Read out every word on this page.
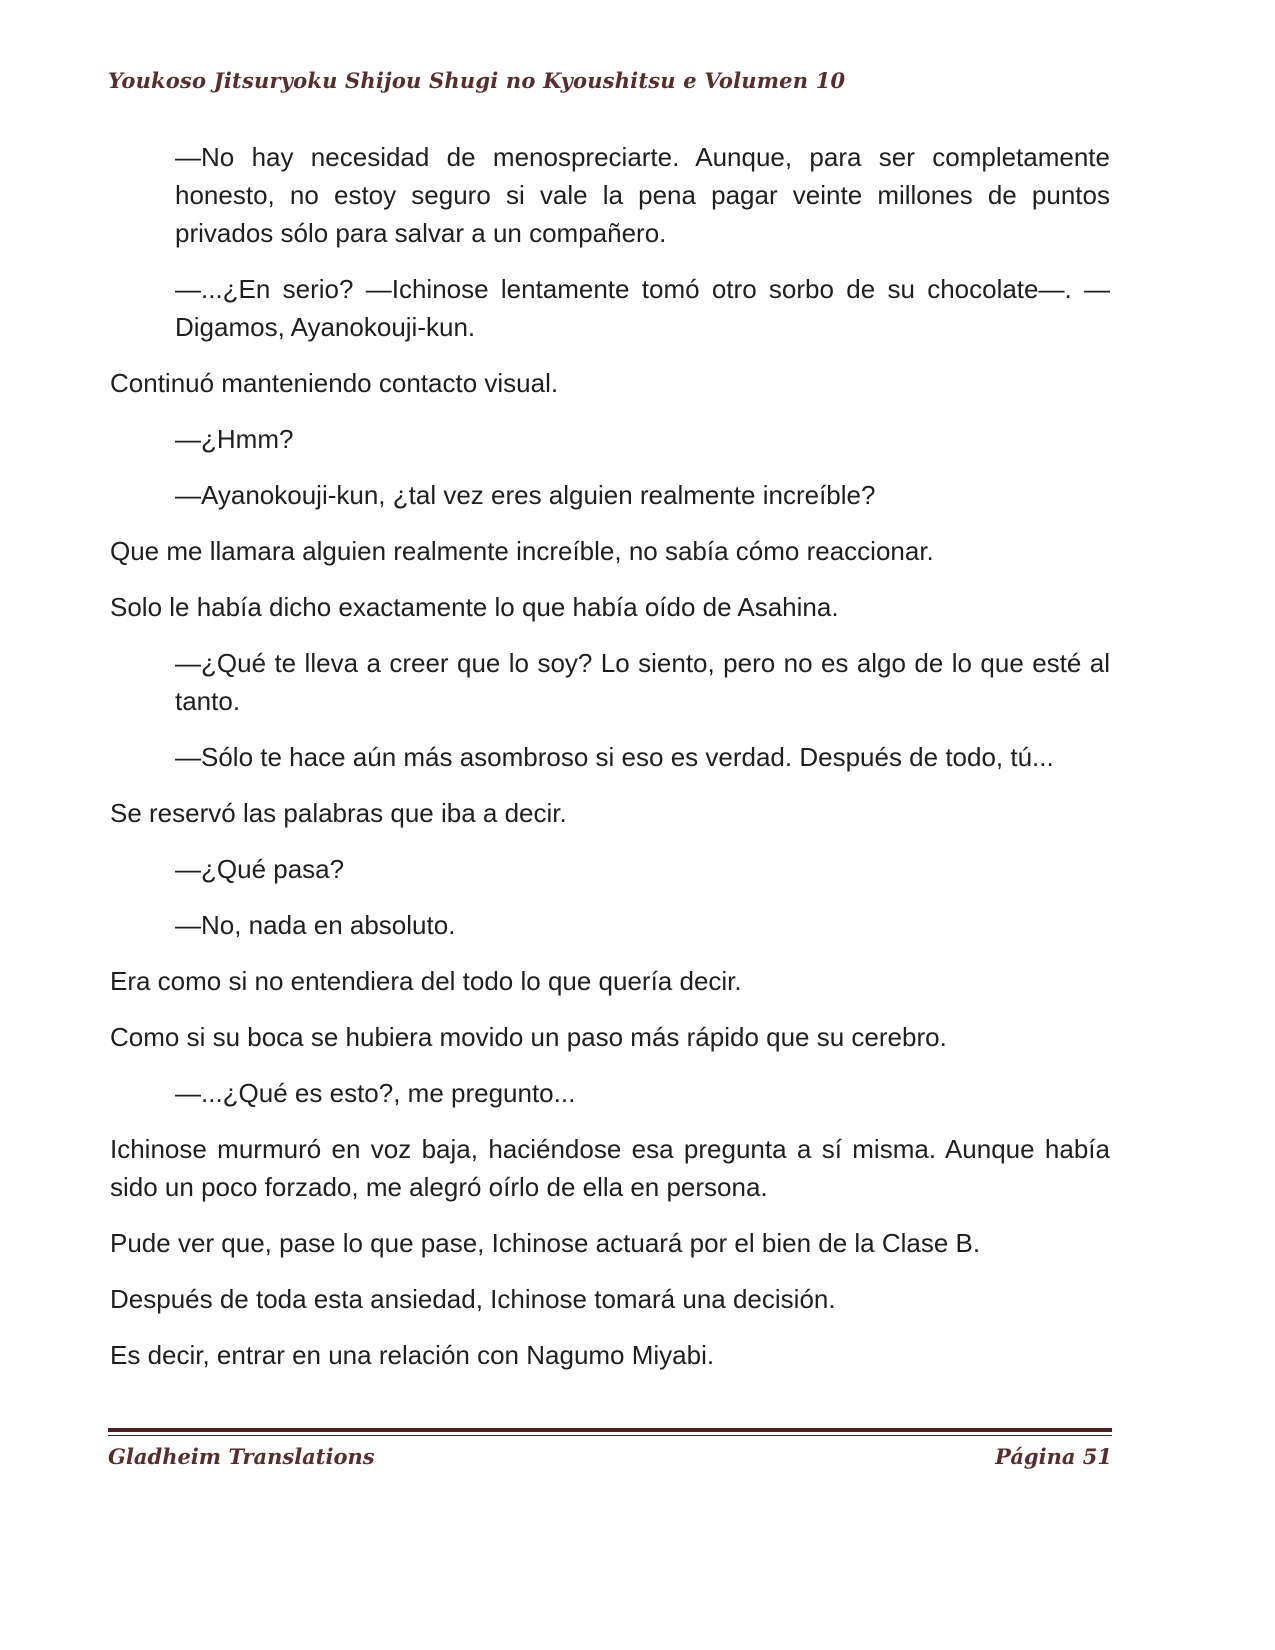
Youkoso Jitsuryoku Shijou Shugi no Kyoushitsu e Volumen 10

—No hay necesidad de menospreciarte. Aunque, para ser completamente honesto, no estoy seguro si vale la pena pagar veinte millones de puntos privados sólo para salvar a un compañero.

—...¿En serio? —Ichinose lentamente tomó otro sorbo de su chocolate—. —Digamos, Ayanokouji-kun.

Continuó manteniendo contacto visual.

—¿Hmm?

—Ayanokouji-kun, ¿tal vez eres alguien realmente increíble?

Que me llamara alguien realmente increíble, no sabía cómo reaccionar.

Solo le había dicho exactamente lo que había oído de Asahina.

—¿Qué te lleva a creer que lo soy? Lo siento, pero no es algo de lo que esté al tanto.

—Sólo te hace aún más asombroso si eso es verdad. Después de todo, tú...

Se reservó las palabras que iba a decir.

—¿Qué pasa?

—No, nada en absoluto.

Era como si no entendiera del todo lo que quería decir.

Como si su boca se hubiera movido un paso más rápido que su cerebro.

—...¿Qué es esto?, me pregunto...

Ichinose murmuró en voz baja, haciéndose esa pregunta a sí misma. Aunque había sido un poco forzado, me alegró oírlo de ella en persona.

Pude ver que, pase lo que pase, Ichinose actuará por el bien de la Clase B.

Después de toda esta ansiedad, Ichinose tomará una decisión.

Es decir, entrar en una relación con Nagumo Miyabi.

Gladheim Translations	Página 51
